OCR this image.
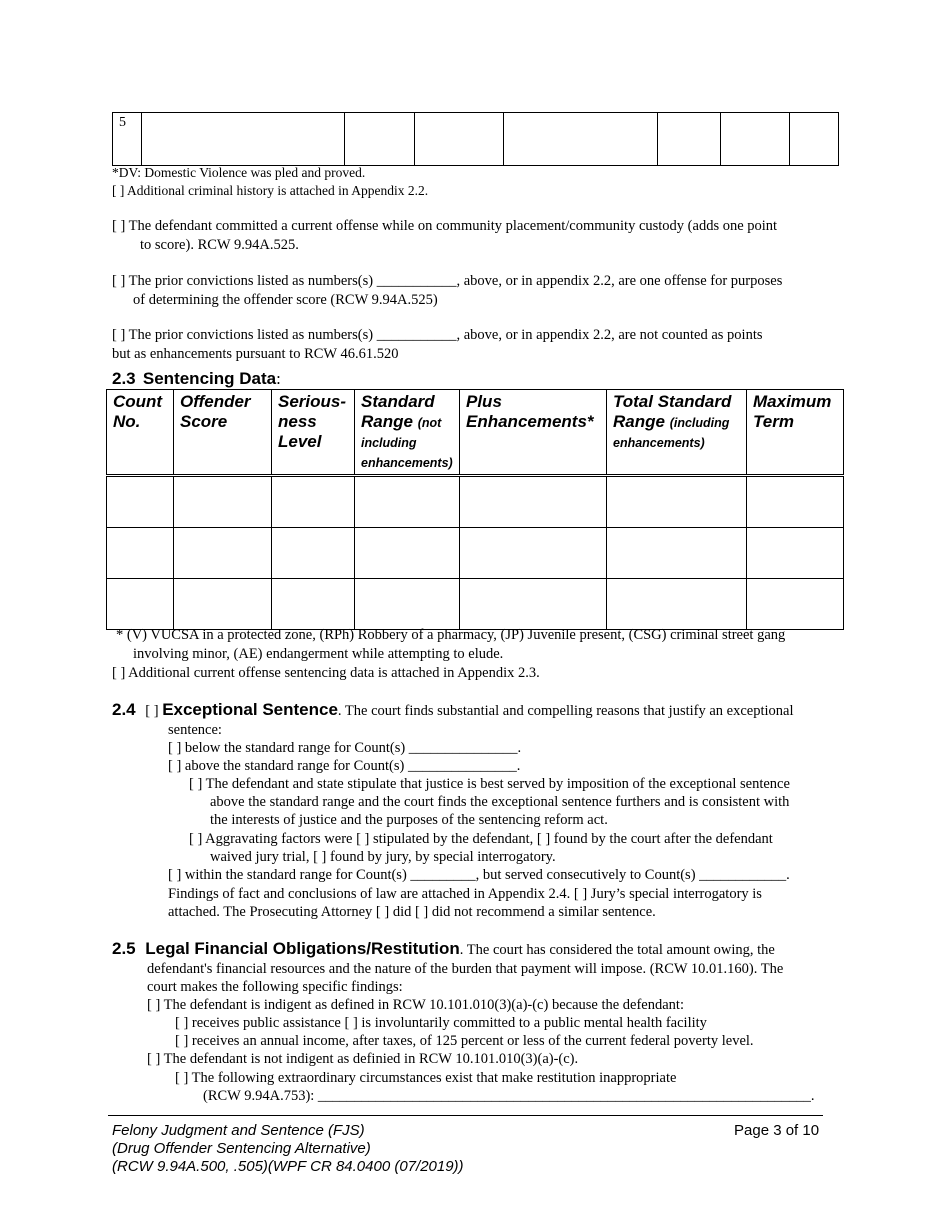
5							
*DV: Domestic Violence was pled and proved.
[ ] Additional criminal history is attached in Appendix 2.2.
[ ] The defendant committed a current offense while on community placement/community custody (adds one point
to score). RCW 9.94A.525.
[ ] The prior convictions listed as numbers(s) ___________, above, or in appendix 2.2, are one offense for purposes
of determining the offender score (RCW 9.94A.525)
[ ] The prior convictions listed as numbers(s) ___________, above, or in appendix 2.2, are not counted as points
but as enhancements pursuant to RCW 46.61.520
2.3 Sentencing Data:
Count No.	Offender Score	Serious-ness Level	Standard Range (not including enhancements)	Plus Enhancements*	Total Standard Range (including enhancements)	Maximum Term

* (V) VUCSA in a protected zone, (RPh) Robbery of a pharmacy, (JP) Juvenile present, (CSG) criminal street gang
involving minor, (AE) endangerment while attempting to elude.
[ ] Additional current offense sentencing data is attached in Appendix 2.3.
2.4 [ ] Exceptional Sentence. The court finds substantial and compelling reasons that justify an exceptional
sentence:
[ ] below the standard range for Count(s) _______________.
[ ] above the standard range for Count(s) _______________.
[ ] The defendant and state stipulate that justice is best served by imposition of the exceptional sentence
above the standard range and the court finds the exceptional sentence furthers and is consistent with
the interests of justice and the purposes of the sentencing reform act.
[ ] Aggravating factors were [ ] stipulated by the defendant, [ ] found by the court after the defendant
waived jury trial, [ ] found by jury, by special interrogatory.
[ ] within the standard range for Count(s) _________, but served consecutively to Count(s) ____________.
Findings of fact and conclusions of law are attached in Appendix 2.4. [ ] Jury’s special interrogatory is
attached. The Prosecuting Attorney [ ] did [ ] did not recommend a similar sentence.
2.5 Legal Financial Obligations/Restitution. The court has considered the total amount owing, the
defendant's financial resources and the nature of the burden that payment will impose. (RCW 10.01.160). The
court makes the following specific findings:
[ ] The defendant is indigent as defined in RCW 10.101.010(3)(a)-(c) because the defendant:
[ ] receives public assistance [ ] is involuntarily committed to a public mental health facility
[ ] receives an annual income, after taxes, of 125 percent or less of the current federal poverty level.
[ ] The defendant is not indigent as definied in RCW 10.101.010(3)(a)-(c).
[ ] The following extraordinary circumstances exist that make restitution inappropriate
(RCW 9.94A.753): ____________________________________________________________________.
Felony Judgment and Sentence (FJS)
(Drug Offender Sentencing Alternative)
(RCW 9.94A.500, .505)(WPF CR 84.0400 (07/2019))
Page 3 of 10
